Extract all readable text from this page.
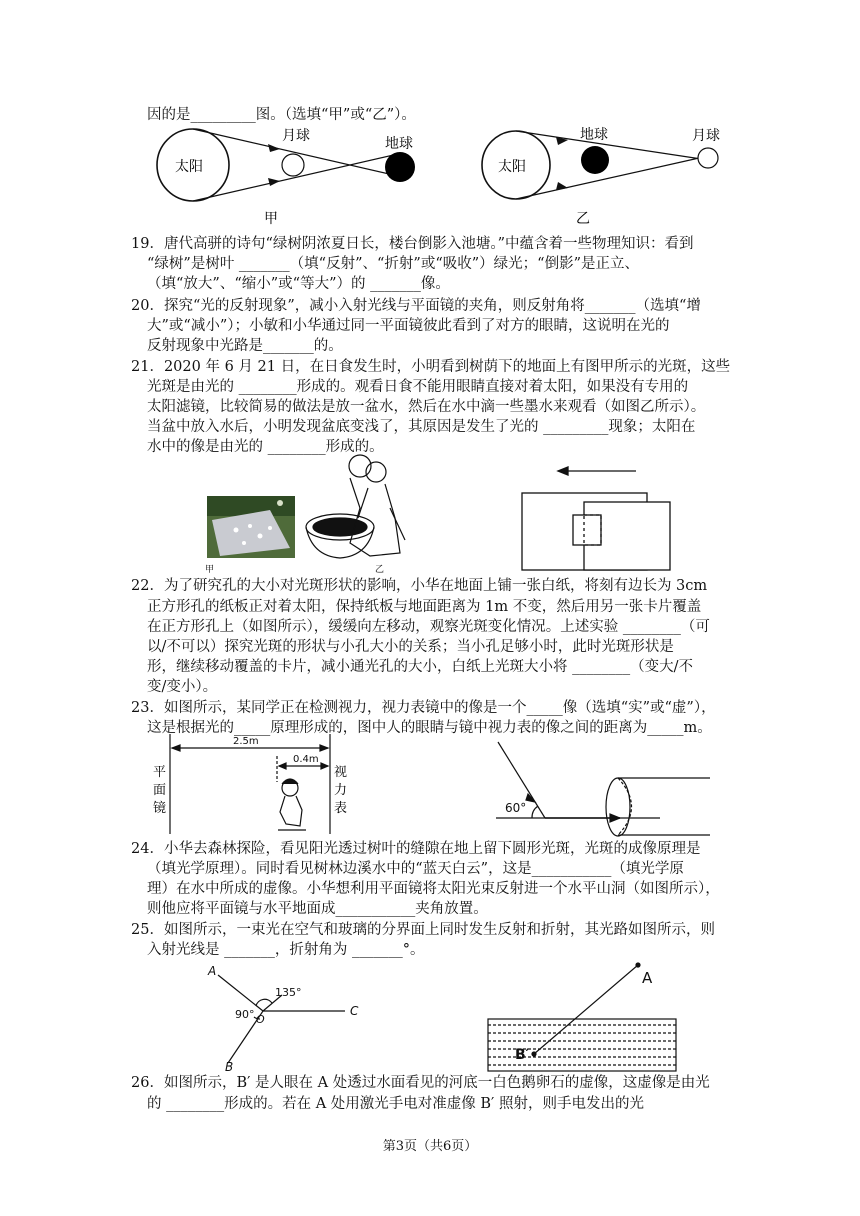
因的是_________图。（选填“甲”或“乙”）。
太阳
月球	地球
甲
太阳
地球	月球
乙
19．唐代高骈的诗句“绿树阴浓夏日长，楼台倒影入池塘。”中蕴含着一些物理知识：看到
“绿树”是树叶 _______（填“反射”、“折射”或“吸收”）绿光；“倒影”是正立、
（填“放大”、“缩小”或“等大”）的 _______像。
20．探究“光的反射现象”，减小入射光线与平面镜的夹角，则反射角将_______（选填“增
大”或“减小”）；小敏和小华通过同一平面镜彼此看到了对方的眼睛，这说明在光的
反射现象中光路是_______的。
21．2020 年 6 月 21 日，在日食发生时，小明看到树荫下的地面上有图甲所示的光斑，这些
光斑是由光的 ________形成的。观看日食不能用眼睛直接对着太阳，如果没有专用的
太阳滤镜，比较简易的做法是放一盆水，然后在水中滴一些墨水来观看（如图乙所示）。
当盆中放入水后，小明发现盆底变浅了，其原因是发生了光的 _________现象；太阳在
水中的像是由光的 ________形成的。
甲	乙
22．为了研究孔的大小对光斑形状的影响，小华在地面上铺一张白纸，将刻有边长为 3cm
正方形孔的纸板正对着太阳，保持纸板与地面距离为 1m 不变，然后用另一张卡片覆盖
在正方形孔上（如图所示），缓缓向左移动，观察光斑变化情况。上述实验 ________（可
以/不可以）探究光斑的形状与小孔大小的关系；当小孔足够小时，此时光斑形状是
形，继续移动覆盖的卡片，减小通光孔的大小，白纸上光斑大小将 ________（变大/不
变/变小）。
23．如图所示，某同学正在检测视力，视力表镜中的像是一个_____像（选填“实”或“虚”），
这是根据光的_____原理形成的，图中人的眼睛与镜中视力表的像之间的距离为_____m。
2.5m
0.4m
平
面
镜
视
力
表	60°
24．小华去森林探险，看见阳光透过树叶的缝隙在地上留下圆形光斑，光斑的成像原理是
（填光学原理）。同时看见树林边溪水中的“蓝天白云”，这是___________（填光学原
理）在水中所成的虚像。小华想利用平面镜将太阳光束反射进一个水平山洞（如图所示），
则他应将平面镜与水平地面成___________夹角放置。
25．如图所示，一束光在空气和玻璃的分界面上同时发生反射和折射，其光路如图所示，则
入射光线是 _______，折射角为 _______°。
A
C
B
O
135°
90°
A
B′
26．如图所示，B′ 是人眼在 A 处透过水面看见的河底一白色鹅卵石的虚像，这虚像是由光
的 ________形成的。若在 A 处用激光手电对准虚像 B′ 照射，则手电发出的光
第3页（共6页）
